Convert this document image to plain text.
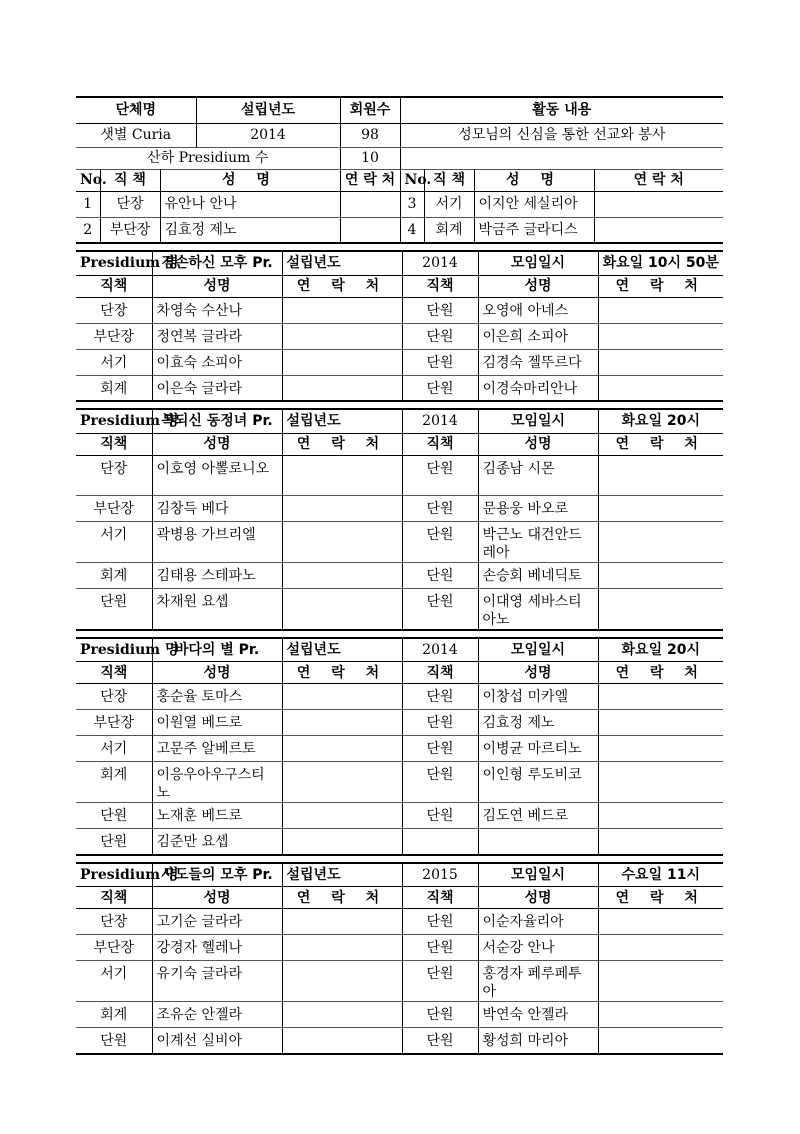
단체명			설립년도	회원수	활동 내용			
샛별 Curia			2014	98	성모님의 신심을 통한 선교와 봉사			
산하 Presidium 수				10				
No.	직 책	성 명		연 락 처	No.	직 책	성 명	연 락 처
1	단장	유안나 안나			3	서기	이지안 세실리아	
2	부단장	김효정 제노			4	회계	박금주 글라디스	
Presidium 명	겸손하신 모후 Pr.	설립년도	2014	모임일시	화요일 10시 50분
직책	성명	연 락 처	직책	성명	연 락 처
단장	차영숙 수산나		단원	오영애 아네스	
부단장	정연복 글라라		단원	이은희 소피아	
서기	이효숙 소피아		단원	김경숙 젤뚜르다	
회계	이은숙 글라라		단원	이경숙마리안나	
Presidium 명	복되신 동정녀 Pr.	설립년도	2014	모임일시	화요일 20시
직책	성명	연 락 처	직책	성명	연 락 처
단장	이호영 아뽈로니오		단원	김종남 시몬	
부단장	김창득 베다		단원	문용웅 바오로	
서기	곽병용 가브리엘		단원	박근노 대건안드레아	
회계	김태용 스테파노		단원	손승회 베네딕토	
단원	차재원 요셉		단원	이대영 세바스티아노	
Presidium 명	바다의 별 Pr.	설립년도	2014	모임일시	화요일 20시
직책	성명	연 락 처	직책	성명	연 락 처
단장	홍순율 토마스		단원	이창섭 미카엘	
부단장	이원열 베드로		단원	김효정 제노	
서기	고문주 알베르토		단원	이병균 마르티노	
회계	이응우아우구스티노		단원	이인형 루도비코	
단원	노재훈 베드로		단원	김도연 베드로	
단원	김준만 요셉				
Presidium 명	사도들의 모후 Pr.	설립년도	2015	모임일시	수요일 11시
직책	성명	연 락 처	직책	성명	연 락 처
단장	고기순 글라라		단원	이순자율리아	
부단장	강경자 헬레나		단원	서순강 안나	
서기	유기숙 글라라		단원	홍경자 페루페투아	
회계	조유순 안젤라		단원	박연숙 안젤라	
단원	이계선 실비아		단원	황성희 마리아	
